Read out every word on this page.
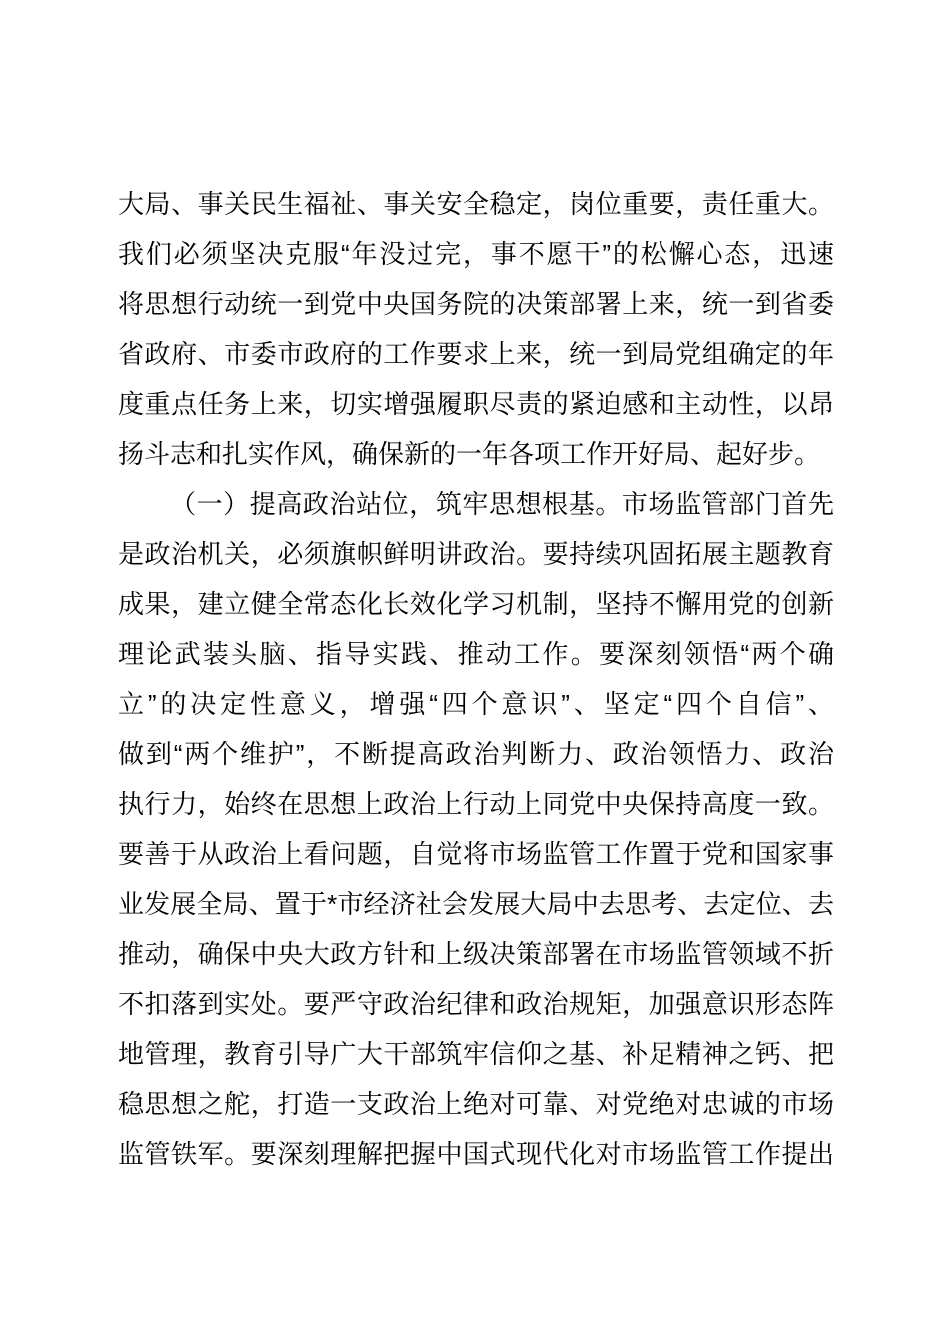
大局、事关民生福祉、事关安全稳定，岗位重要，责任重大。
我们必须坚决克服“年没过完，事不愿干”的松懈心态，迅速
将思想行动统一到党中央国务院的决策部署上来，统一到省委
省政府、市委市政府的工作要求上来，统一到局党组确定的年
度重点任务上来，切实增强履职尽责的紧迫感和主动性，以昂
扬斗志和扎实作风，确保新的一年各项工作开好局、起好步。
（一）提高政治站位，筑牢思想根基。市场监管部门首先
是政治机关，必须旗帜鲜明讲政治。要持续巩固拓展主题教育
成果，建立健全常态化长效化学习机制，坚持不懈用党的创新
理论武装头脑、指导实践、推动工作。要深刻领悟“两个确
立”的决定性意义，增强“四个意识”、坚定“四个自信”、
做到“两个维护”，不断提高政治判断力、政治领悟力、政治
执行力，始终在思想上政治上行动上同党中央保持高度一致。
要善于从政治上看问题，自觉将市场监管工作置于党和国家事
业发展全局、置于*市经济社会发展大局中去思考、去定位、去
推动，确保中央大政方针和上级决策部署在市场监管领域不折
不扣落到实处。要严守政治纪律和政治规矩，加强意识形态阵
地管理，教育引导广大干部筑牢信仰之基、补足精神之钙、把
稳思想之舵，打造一支政治上绝对可靠、对党绝对忠诚的市场
监管铁军。要深刻理解把握中国式现代化对市场监管工作提出
